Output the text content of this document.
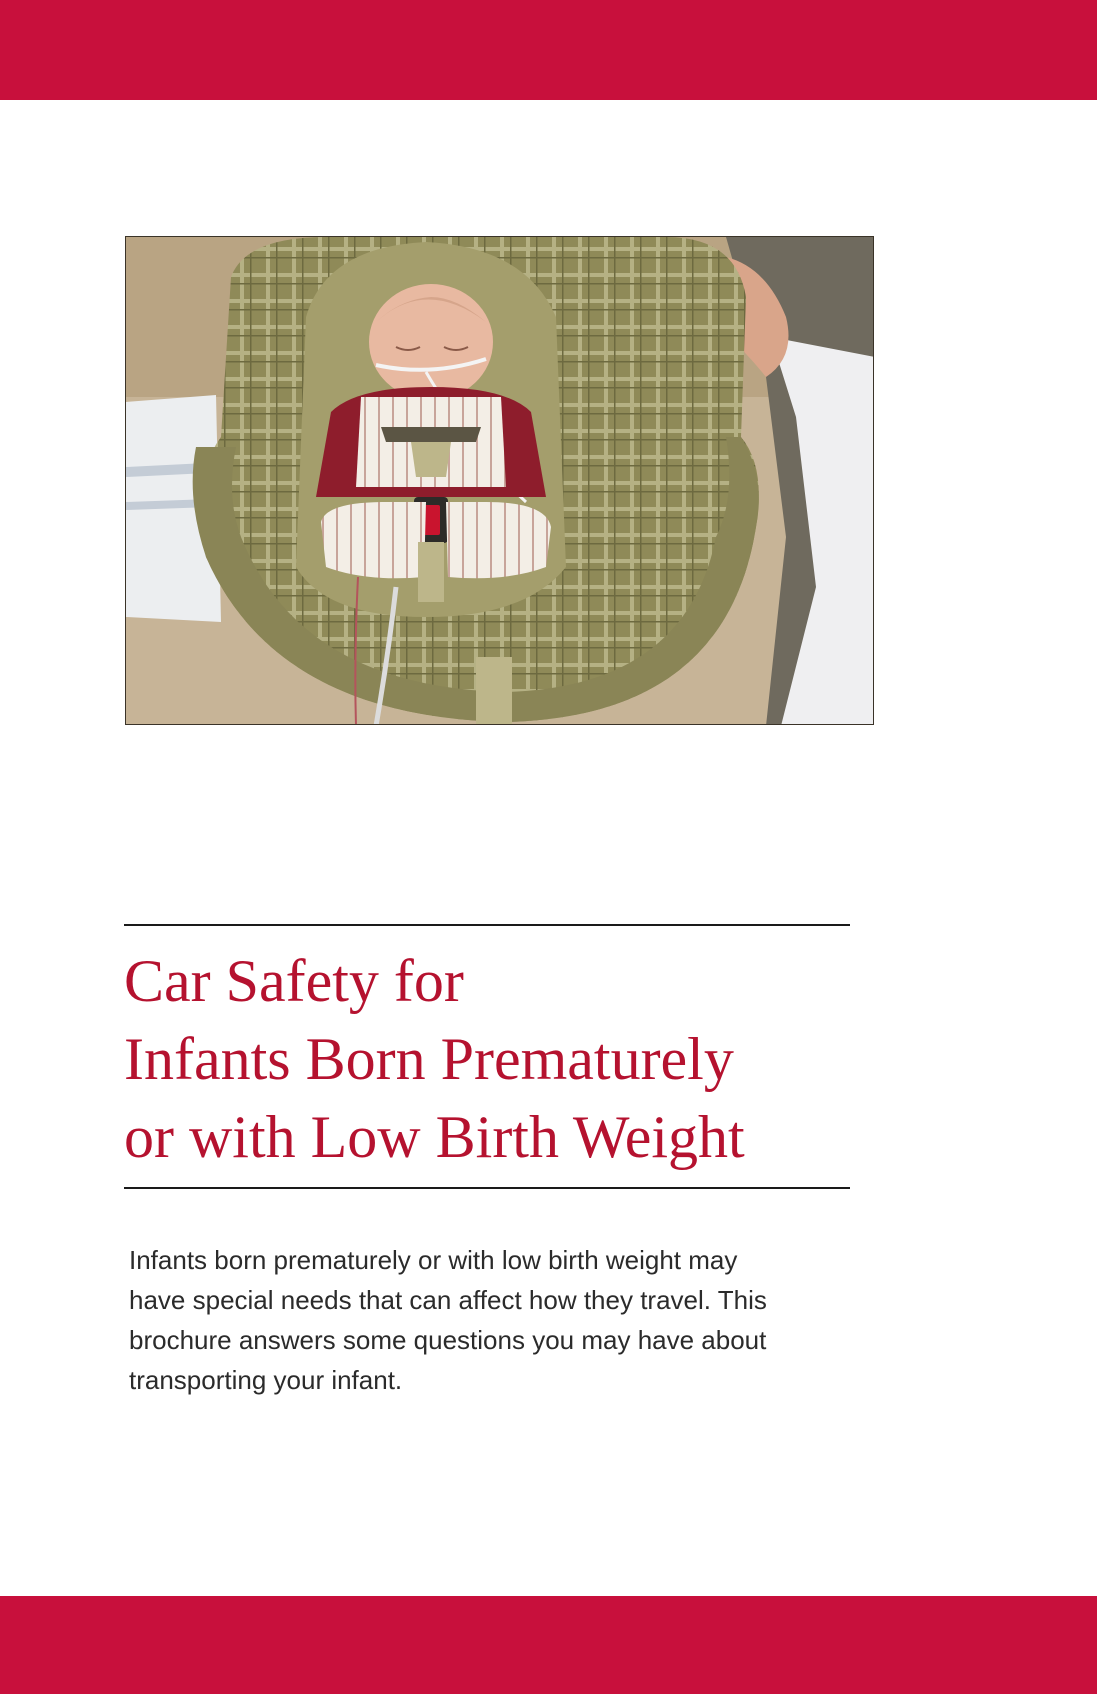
Car Safety for
Infants Born Prematurely
or with Low Birth Weight

Infants born prematurely or with low birth weight may
have special needs that can affect how they travel. This
brochure answers some questions you may have about
transporting your infant.
